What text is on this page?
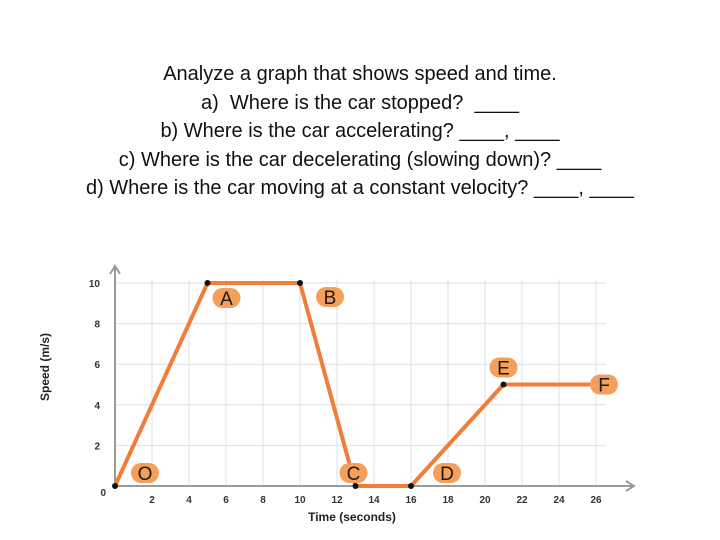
Analyze a graph that shows speed and time.
a)  Where is the car stopped?  ____
b) Where is the car accelerating? ____, ____
c) Where is the car decelerating (slowing down)? ____
d) Where is the car moving at a constant velocity? ____, ____
2	4	6	8	10	12	14	16	18	20	22	24	26
2
4
6
8
10
0
Time (seconds)
Speed (m/s)
O
A	B
C	D
E
F
